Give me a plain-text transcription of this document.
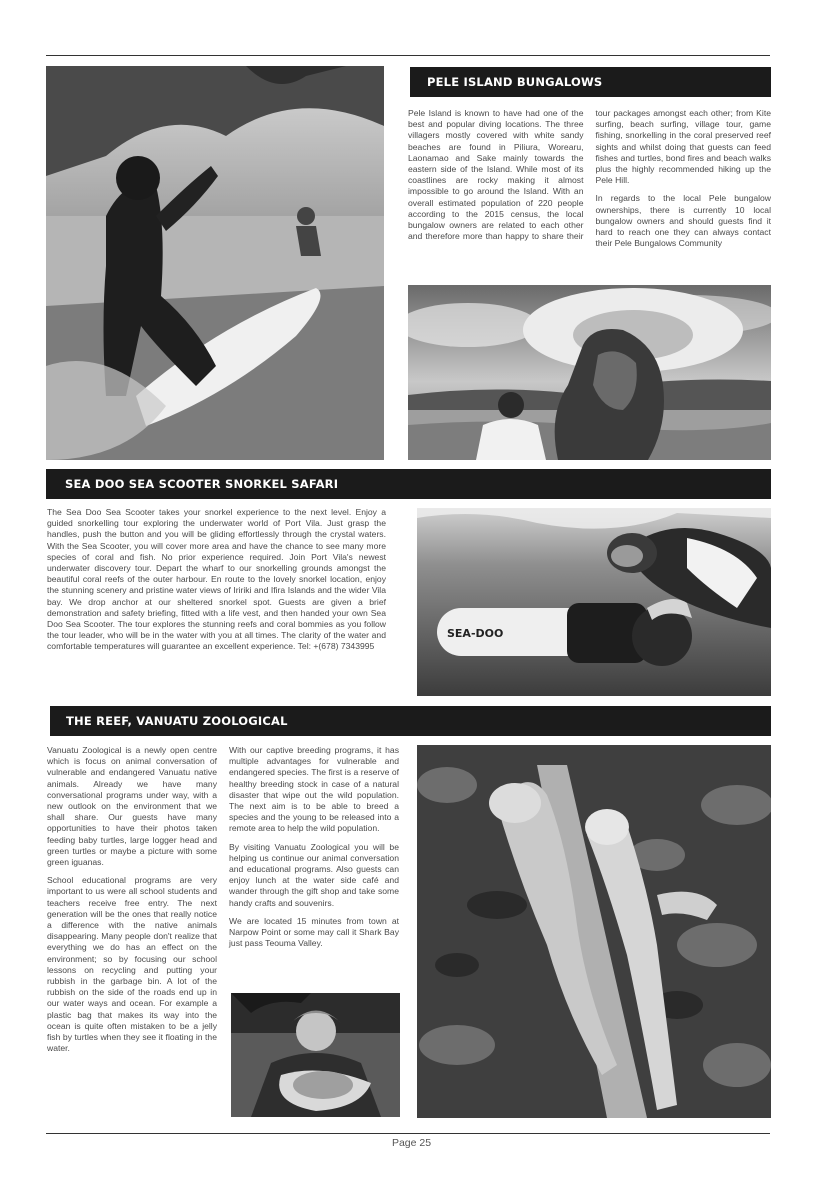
PELE ISLAND BUNGALOWS

Pele Island is known to have had one of the best and popular diving locations. The three villagers mostly covered with white sandy beaches are found in Piliura, Worearu, Laonamao and Sake mainly towards the eastern side of the Island. While most of its coastlines are rocky making it almost impossible to go around the Island. With an overall estimated population of 220 people according to the 2015 census, the local bungalow owners are related to each other and therefore more than happy to share their tour packages amongst each other; from Kite surfing, beach surfing, village tour, game fishing, snorkelling in the coral preserved reef sights and whilst doing that guests can feed fishes and turtles, bond fires and beach walks plus the highly recommended hiking up the Pele Hill.

In regards to the local Pele bungalow ownerships, there is currently 10 local bungalow owners and should guests find it hard to reach one they can always contact their Pele Bungalows Community

SEA DOO SEA SCOOTER SNORKEL SAFARI

The Sea Doo Sea Scooter takes your snorkel experience to the next level. Enjoy a guided snorkelling tour exploring the underwater world of Port Vila. Just grasp the handles, push the button and you will be gliding effortlessly through the crystal waters. With the Sea Scooter, you will cover more area and have the chance to see many more species of coral and fish. No prior experience required. Join Port Vila's newest underwater discovery tour. Depart the wharf to our snorkelling grounds amongst the beautiful coral reefs of the outer harbour. En route to the lovely snorkel location, enjoy the stunning scenery and pristine water views of Iririki and Ifira Islands and the wider Vila bay. We drop anchor at our sheltered snorkel spot. Guests are given a brief demonstration and safety briefing, fitted with a life vest, and then handed your own Sea Doo Sea Scooter. The tour explores the stunning reefs and coral bommies as you follow the tour leader, who will be in the water with you at all times. The clarity of the water and comfortable temperatures will guarantee an excellent experience. Tel: +(678) 7343995

SEA-DOO
THE REEF, VANUATU ZOOLOGICAL

Vanuatu Zoological is a newly open centre which is focus on animal conversation of vulnerable and endangered Vanuatu native animals. Already we have many conversational programs under way, with a new outlook on the environment that we shall share. Our guests have many opportunities to have their photos taken feeding baby turtles, large logger head and green turtles or maybe a picture with some green iguanas.

School educational programs are very important to us were all school students and teachers receive free entry. The next generation will be the ones that really notice a difference with the native animals disappearing. Many people don't realize that everything we do has an effect on the environment; so by focusing our school lessons on recycling and putting your rubbish in the garbage bin. A lot of the rubbish on the side of the roads end up in our water ways and ocean. For example a plastic bag that makes its way into the ocean is quite often mistaken to be a jelly fish by turtles when they see it floating in the water.

With our captive breeding programs, it has multiple advantages for vulnerable and endangered species. The first is a reserve of healthy breeding stock in case of a natural disaster that wipe out the wild population. The next aim is to be able to breed a species and the young to be released into a remote area to help the wild population.

By visiting Vanuatu Zoological you will be helping us continue our animal conversation and educational programs. Also guests can enjoy lunch at the water side café and wander through the gift shop and take some handy crafts and souvenirs.

We are located 15 minutes from town at Narpow Point or some may call it Shark Bay just pass Teouma Valley.

Page 25
